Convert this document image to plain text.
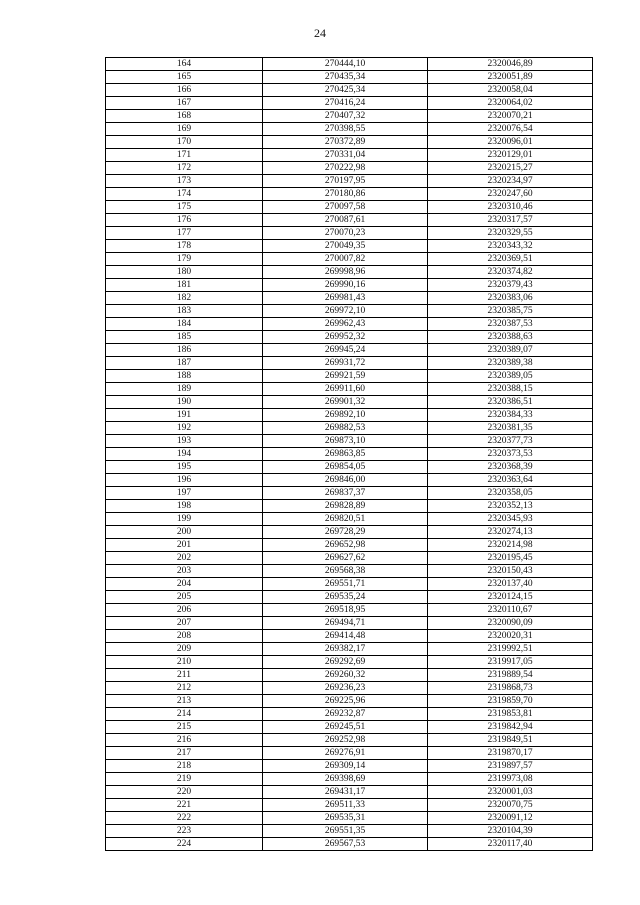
24
164	270444,10	2320046,89
165	270435,34	2320051,89
166	270425,34	2320058,04
167	270416,24	2320064,02
168	270407,32	2320070,21
169	270398,55	2320076,54
170	270372,89	2320096,01
171	270331,04	2320129,01
172	270222,98	2320215,27
173	270197,95	2320234,97
174	270180,86	2320247,60
175	270097,58	2320310,46
176	270087,61	2320317,57
177	270070,23	2320329,55
178	270049,35	2320343,32
179	270007,82	2320369,51
180	269998,96	2320374,82
181	269990,16	2320379,43
182	269981,43	2320383,06
183	269972,10	2320385,75
184	269962,43	2320387,53
185	269952,32	2320388,63
186	269945,24	2320389,07
187	269931,72	2320389,38
188	269921,59	2320389,05
189	269911,60	2320388,15
190	269901,32	2320386,51
191	269892,10	2320384,33
192	269882,53	2320381,35
193	269873,10	2320377,73
194	269863,85	2320373,53
195	269854,05	2320368,39
196	269846,00	2320363,64
197	269837,37	2320358,05
198	269828,89	2320352,13
199	269820,51	2320345,93
200	269728,29	2320274,13
201	269652,98	2320214,98
202	269627,62	2320195,45
203	269568,38	2320150,43
204	269551,71	2320137,40
205	269535,24	2320124,15
206	269518,95	2320110,67
207	269494,71	2320090,09
208	269414,48	2320020,31
209	269382,17	2319992,51
210	269292,69	2319917,05
211	269260,32	2319889,54
212	269236,23	2319868,73
213	269225,96	2319859,70
214	269232,87	2319853,81
215	269245,51	2319842,94
216	269252,98	2319849,51
217	269276,91	2319870,17
218	269309,14	2319897,57
219	269398,69	2319973,08
220	269431,17	2320001,03
221	269511,33	2320070,75
222	269535,31	2320091,12
223	269551,35	2320104,39
224	269567,53	2320117,40
